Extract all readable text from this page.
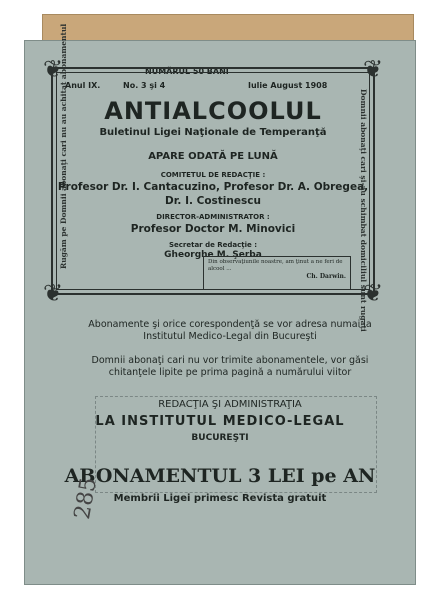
NUMĂRUL 50 BANI
❦	❦
❦	❦
Anul IX.	No. 3 şi 4	Iulie August 1908
ANTIALCOOLUL
Buletinul Ligei Naţionale de Temperanţă
APARE ODATĂ PE LUNĂ
COMITETUL DE REDACŢIE :
Profesor Dr. I. Cantacuzino, Profesor Dr. A. Obregea,
Dr. I. Costinescu
DIRECTOR-ADMINISTRATOR :
Profesor Doctor M. Minovici
Secretar de Redacţie :
Gheorghe M. Şerba
Rugăm pe Domnii abonaţi cari nu au achitat abonamentul	Domnii abonaţi cari şi-au schimbat domiciliul sunt rugaţi
Din observaţiunile noastre, am ţinut a ne feri de alcool ...
Ch. Darwin.
Abonamente şi orice corespondenţă se vor adresa numai la Institutul Medico-Legal din Bucureşti
Domnii abonaţi cari nu vor trimite abonamentele, vor găsi chitanţele lipite pe prima pagină a numărului viitor
REDACŢIA ŞI ADMINISTRAŢIA
LA INSTITUTUL MEDICO-LEGAL
BUCUREŞTI
ABONAMENTUL 3 LEI pe AN
Membrii Ligei primesc Revista gratuit
285
